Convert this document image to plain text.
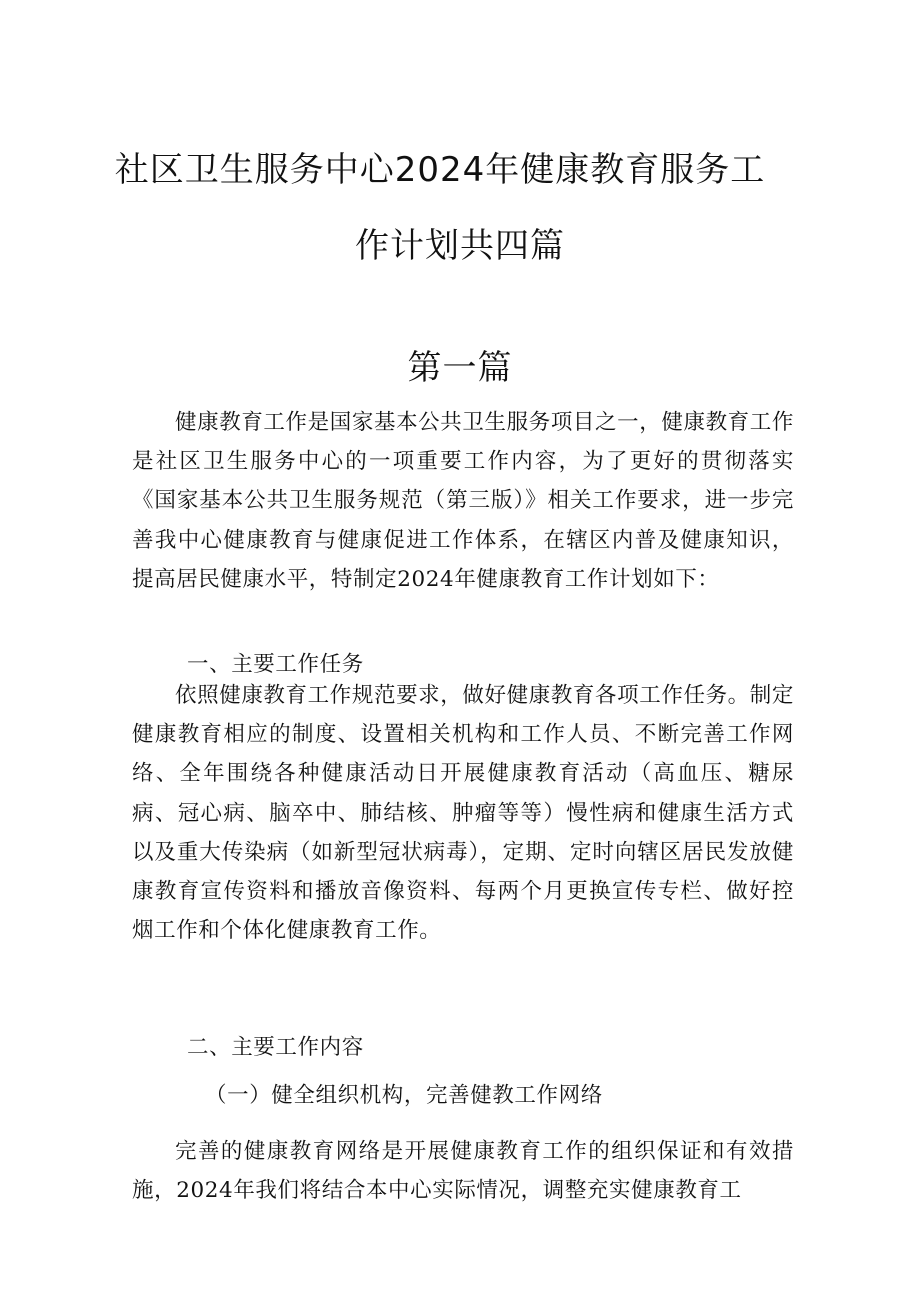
社区卫生服务中心2024年健康教育服务工
作计划共四篇
第一篇
健康教育工作是国家基本公共卫生服务项目之一，健康教育工作是社区卫生服务中心的一项重要工作内容，为了更好的贯彻落实《国家基本公共卫生服务规范（第三版）》相关工作要求，进一步完善我中心健康教育与健康促进工作体系，在辖区内普及健康知识，提高居民健康水平，特制定2024年健康教育工作计划如下：
一、主要工作任务
依照健康教育工作规范要求，做好健康教育各项工作任务。制定健康教育相应的制度、设置相关机构和工作人员、不断完善工作网络、全年围绕各种健康活动日开展健康教育活动（高血压、糖尿病、冠心病、脑卒中、肺结核、肿瘤等等）慢性病和健康生活方式以及重大传染病（如新型冠状病毒），定期、定时向辖区居民发放健康教育宣传资料和播放音像资料、每两个月更换宣传专栏、做好控烟工作和个体化健康教育工作。
二、主要工作内容
（一）健全组织机构，完善健教工作网络
完善的健康教育网络是开展健康教育工作的组织保证和有效措施，2024年我们将结合本中心实际情况，调整充实健康教育工
